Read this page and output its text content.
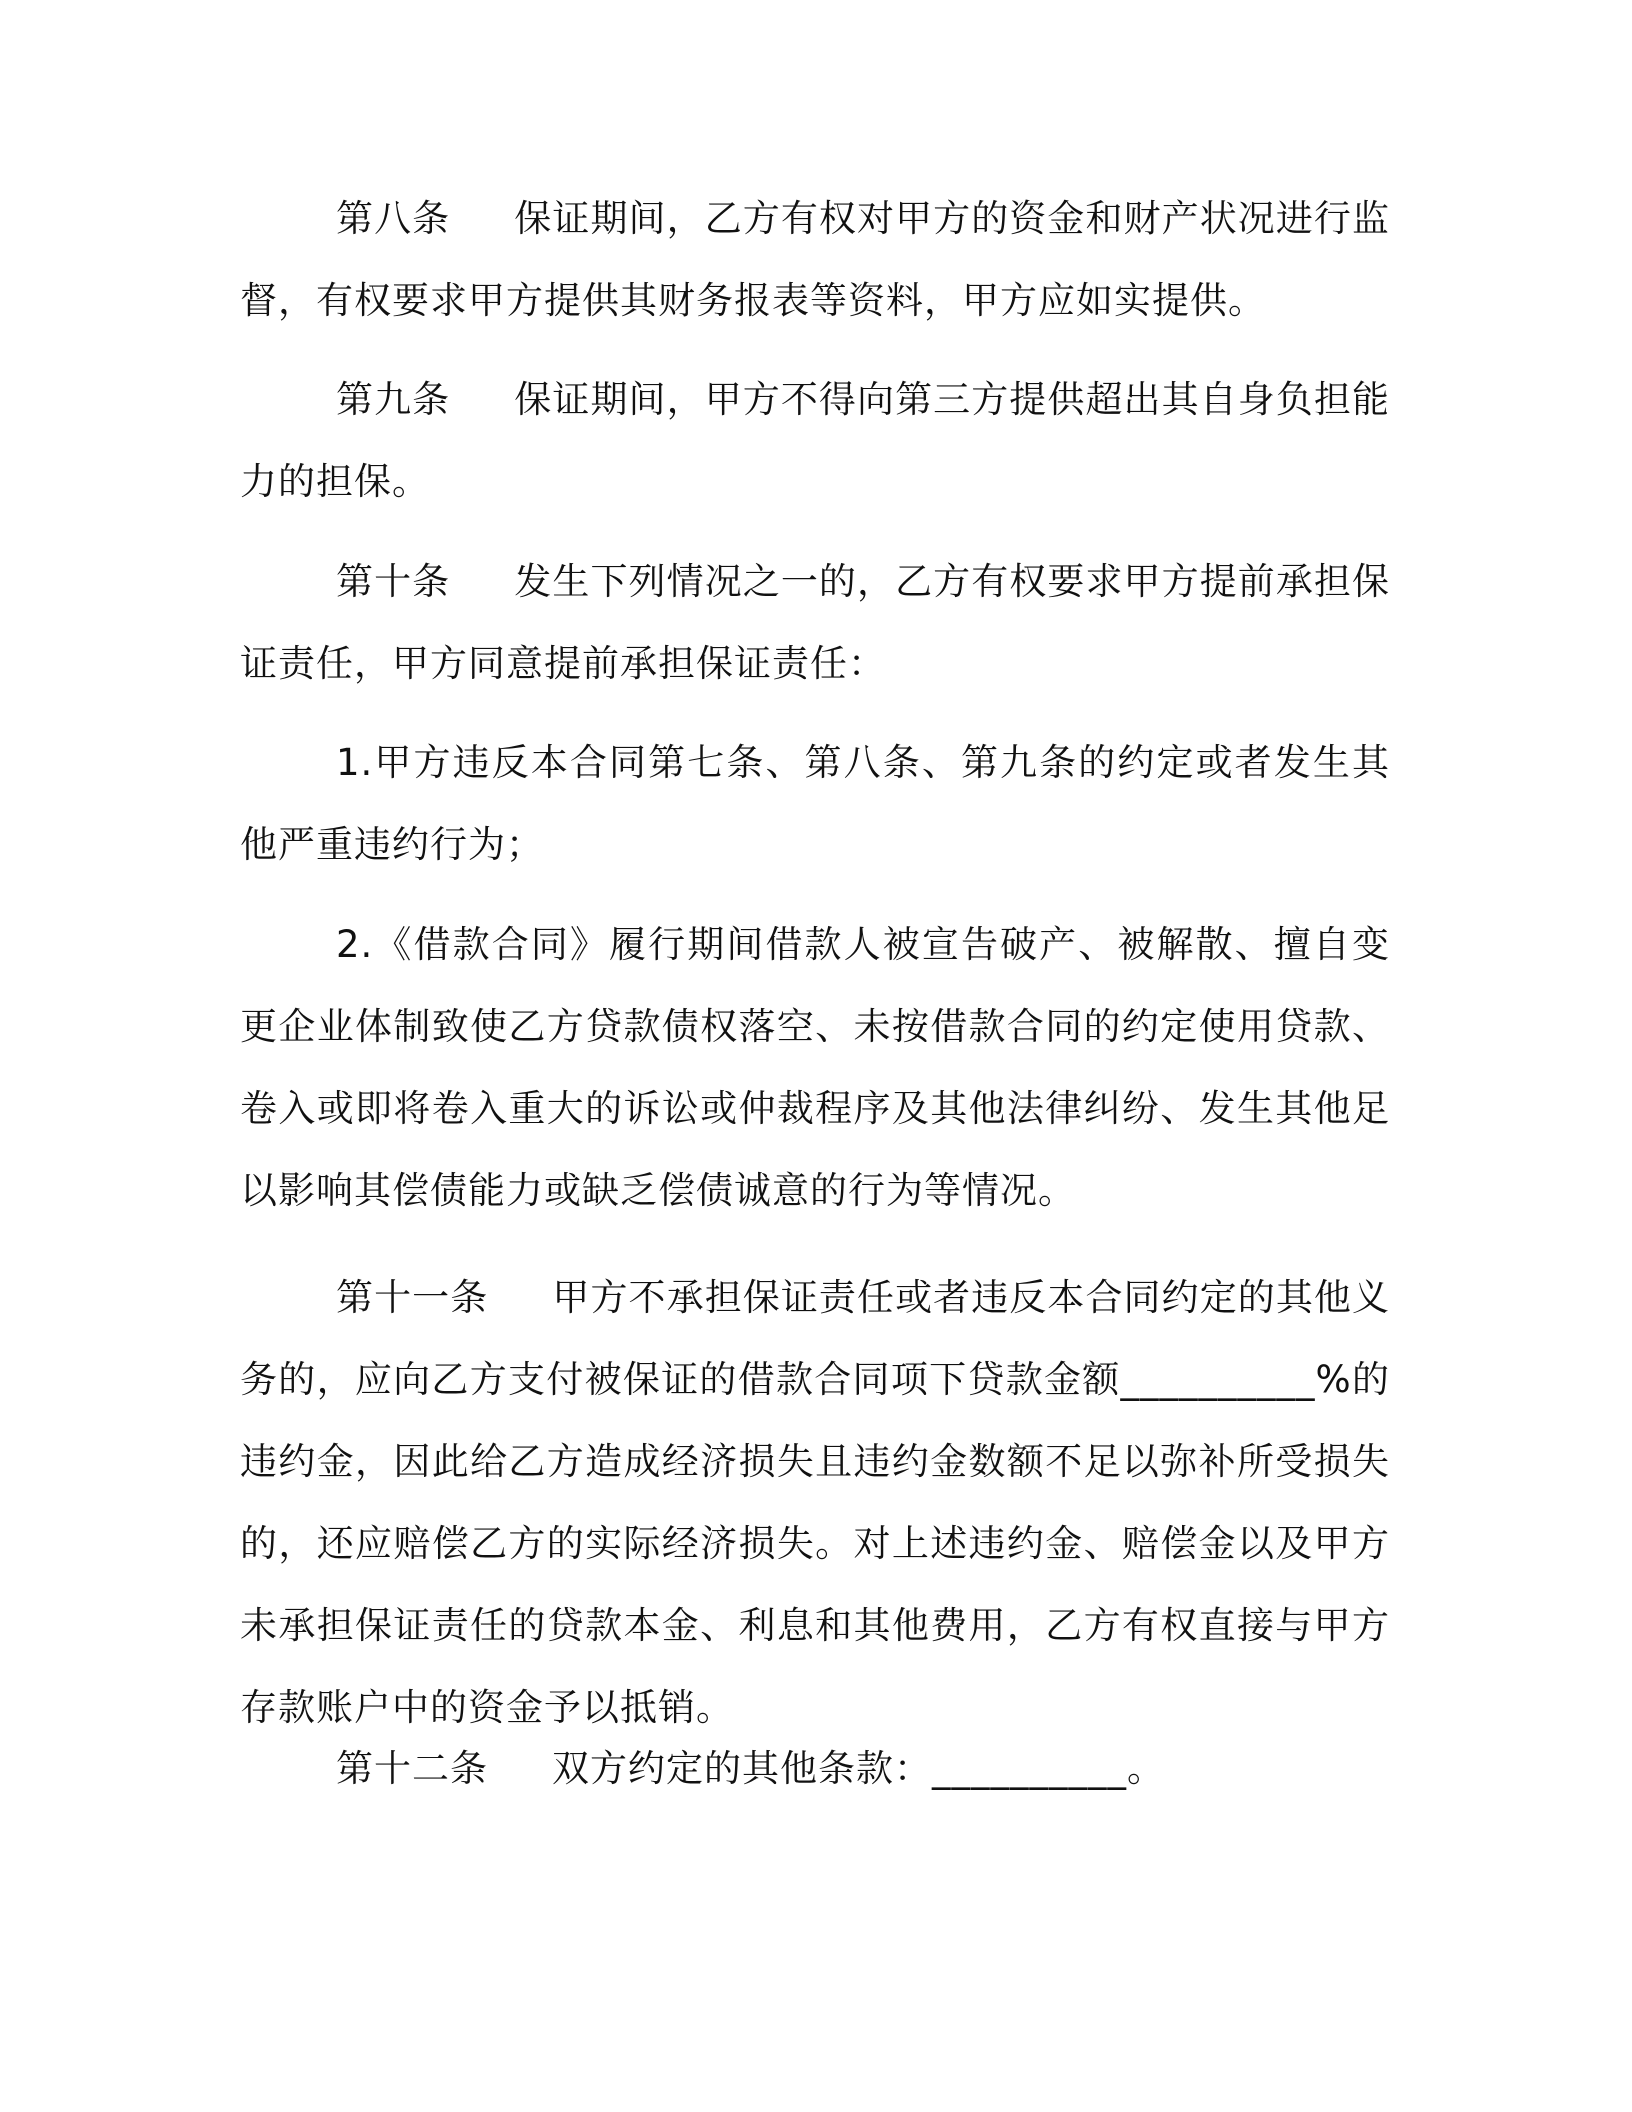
第八条 保证期间，乙方有权对甲方的资金和财产状况进行监督，有权要求甲方提供其财务报表等资料，甲方应如实提供。

第九条 保证期间，甲方不得向第三方提供超出其自身负担能力的担保。

第十条 发生下列情况之一的，乙方有权要求甲方提前承担保证责任，甲方同意提前承担保证责任：

1.甲方违反本合同第七条、第八条、第九条的约定或者发生其他严重违约行为；

2.《借款合同》履行期间借款人被宣告破产、被解散、擅自变更企业体制致使乙方贷款债权落空、未按借款合同的约定使用贷款、卷入或即将卷入重大的诉讼或仲裁程序及其他法律纠纷、发生其他足以影响其偿债能力或缺乏偿债诚意的行为等情况。

第十一条 甲方不承担保证责任或者违反本合同约定的其他义务的，应向乙方支付被保证的借款合同项下贷款金额__________%的违约金，因此给乙方造成经济损失且违约金数额不足以弥补所受损失的，还应赔偿乙方的实际经济损失。对上述违约金、赔偿金以及甲方未承担保证责任的贷款本金、利息和其他费用，乙方有权直接与甲方存款账户中的资金予以抵销。

第十二条 双方约定的其他条款：__________。
